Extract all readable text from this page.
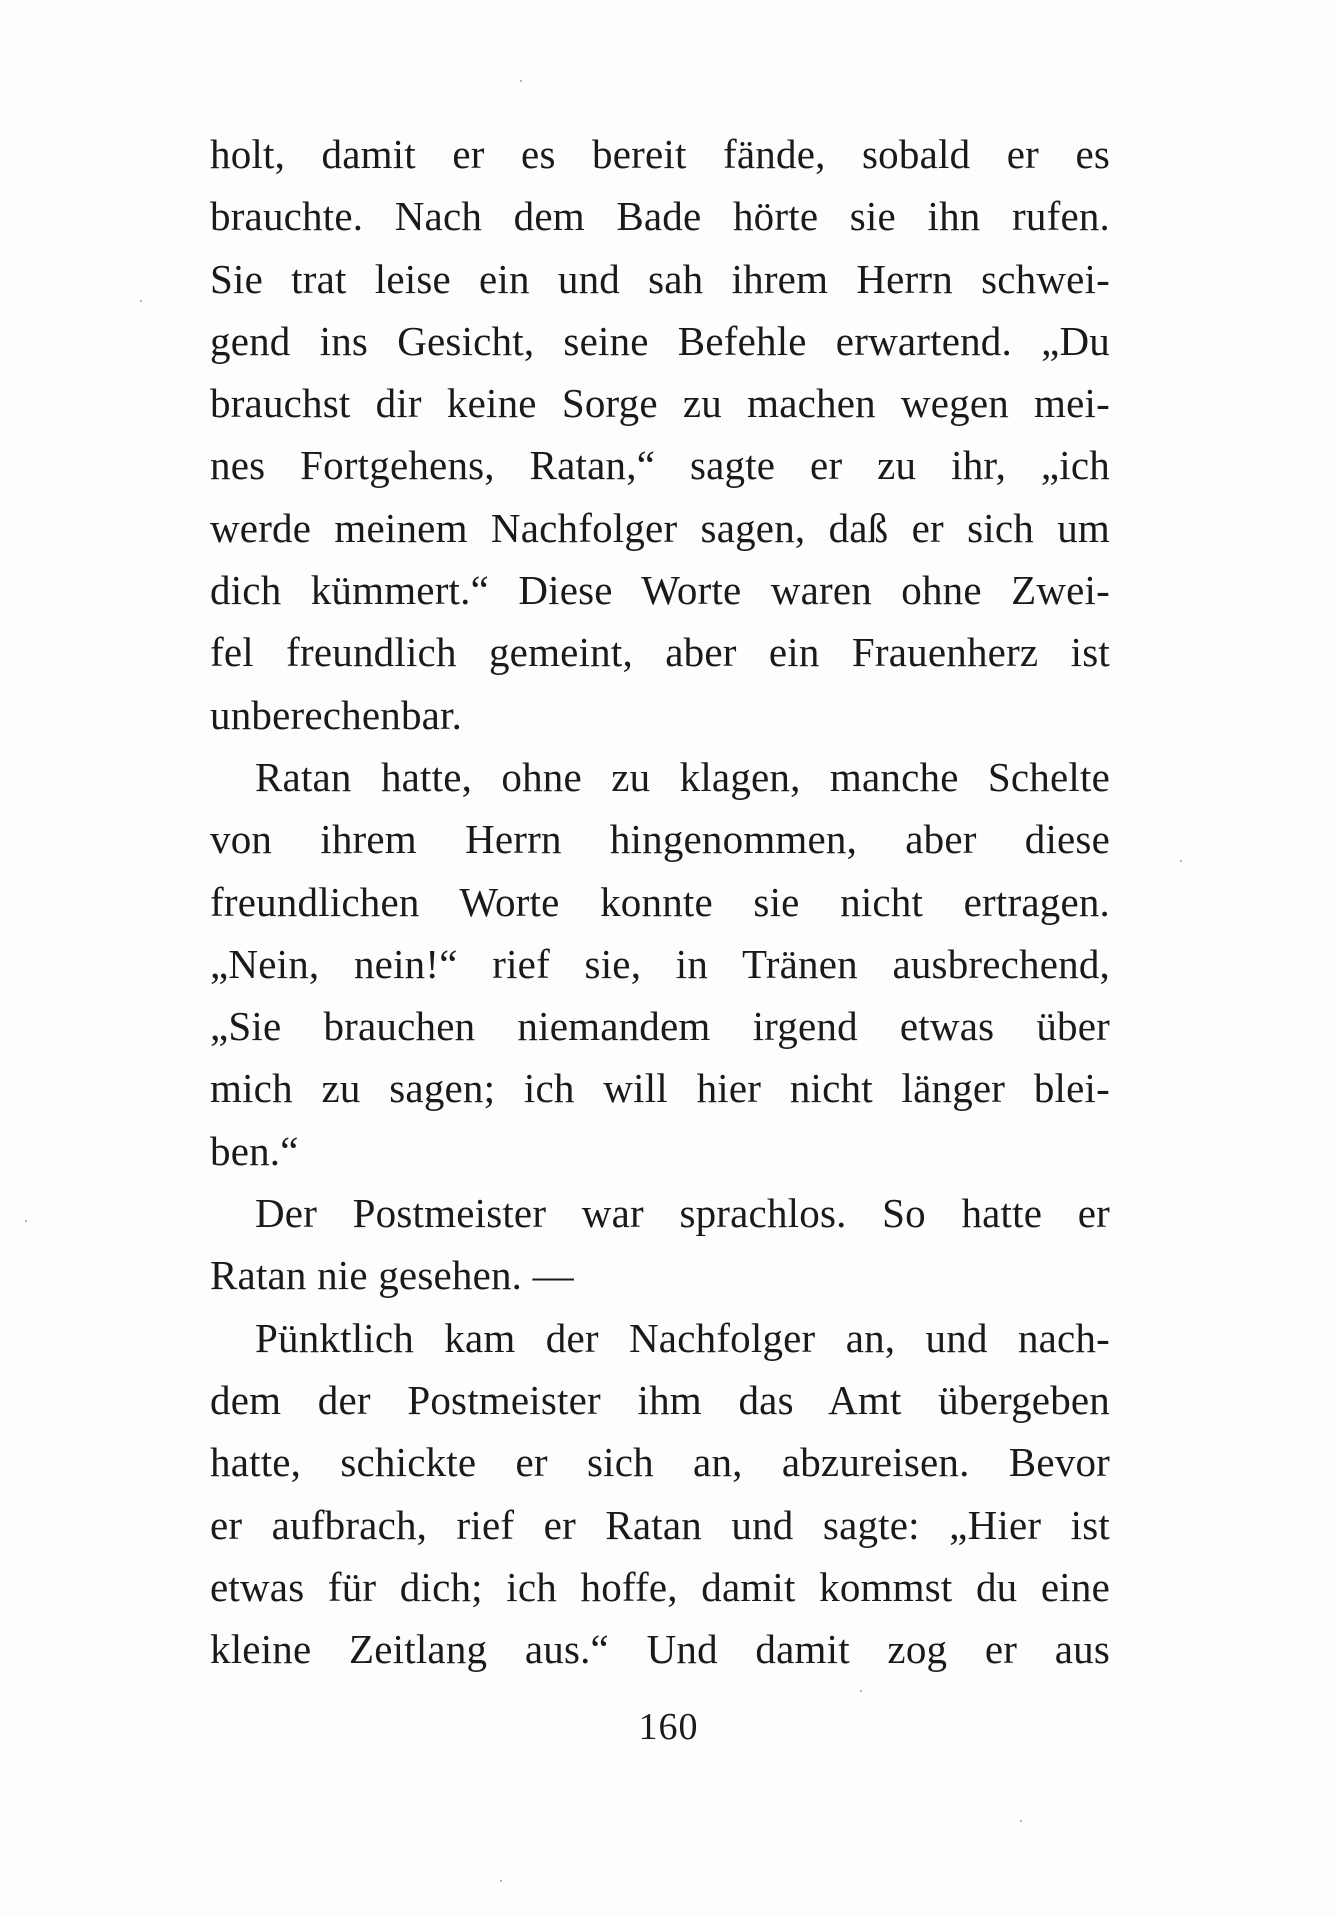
holt, damit er es bereit fände, sobald er es
brauchte. Nach dem Bade hörte sie ihn rufen.
Sie trat leise ein und sah ihrem Herrn schwei-
gend ins Gesicht, seine Befehle erwartend. „Du
brauchst dir keine Sorge zu machen wegen mei-
nes Fortgehens, Ratan,“ sagte er zu ihr, „ich
werde meinem Nachfolger sagen, daß er sich um
dich kümmert.“ Diese Worte waren ohne Zwei-
fel freundlich gemeint, aber ein Frauenherz ist
unberechenbar.
Ratan hatte, ohne zu klagen, manche Schelte
von ihrem Herrn hingenommen, aber diese
freundlichen Worte konnte sie nicht ertragen.
„Nein, nein!“ rief sie, in Tränen ausbrechend,
„Sie brauchen niemandem irgend etwas über
mich zu sagen; ich will hier nicht länger blei-
ben.“
Der Postmeister war sprachlos. So hatte er
Ratan nie gesehen. —
Pünktlich kam der Nachfolger an, und nach-
dem der Postmeister ihm das Amt übergeben
hatte, schickte er sich an, abzureisen. Bevor
er aufbrach, rief er Ratan und sagte: „Hier ist
etwas für dich; ich hoffe, damit kommst du eine
kleine Zeitlang aus.“ Und damit zog er aus
160
